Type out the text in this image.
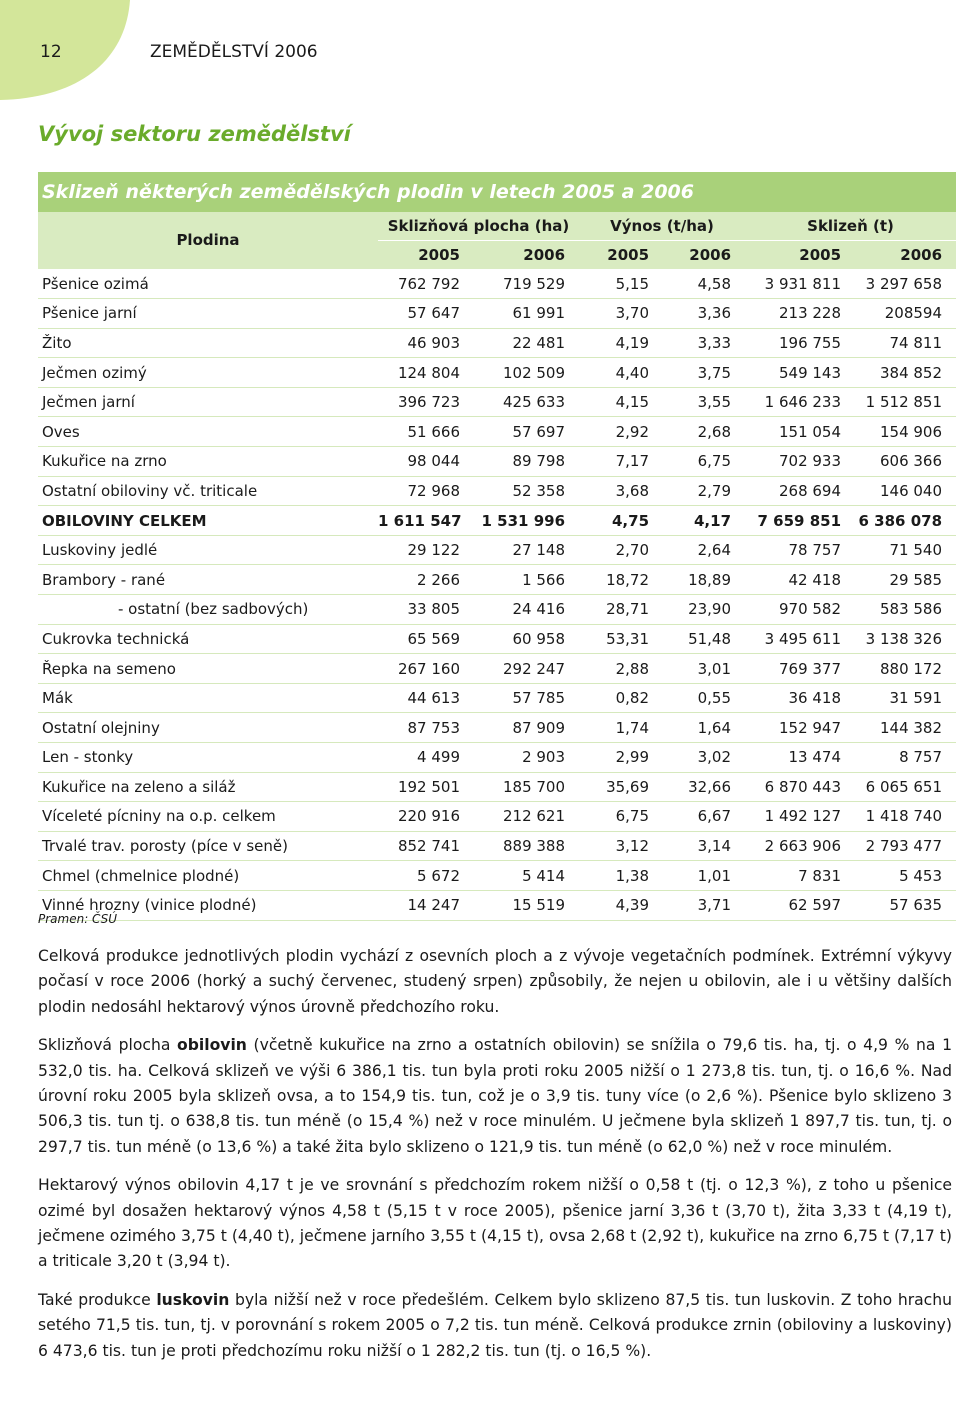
12	ZEMĚDĚLSTVÍ 2006
Vývoj sektoru zemědělství
Sklizeň některých zemědělských plodin v letech 2005 a 2006
Plodina	Sklizňová plocha (ha)		Výnos (t/ha)		Sklizeň (t)	
	2005	2006	2005	2006	2005	2006
Pšenice ozimá	762 792	719 529	5,15	4,58	3 931 811	3 297 658
Pšenice jarní	57 647	61 991	3,70	3,36	213 228	208594
Žito	46 903	22 481	4,19	3,33	196 755	74 811
Ječmen ozimý	124 804	102 509	4,40	3,75	549 143	384 852
Ječmen jarní	396 723	425 633	4,15	3,55	1 646 233	1 512 851
Oves	51 666	57 697	2,92	2,68	151 054	154 906
Kukuřice na zrno	98 044	89 798	7,17	6,75	702 933	606 366
Ostatní obiloviny vč. triticale	72 968	52 358	3,68	2,79	268 694	146 040
OBILOVINY CELKEM	1 611 547	1 531 996	4,75	4,17	7 659 851	6 386 078
Luskoviny jedlé	29 122	27 148	2,70	2,64	78 757	71 540
Brambory - rané	2 266	1 566	18,72	18,89	42 418	29 585
- ostatní (bez sadbových)	33 805	24 416	28,71	23,90	970 582	583 586
Cukrovka technická	65 569	60 958	53,31	51,48	3 495 611	3 138 326
Řepka na semeno	267 160	292 247	2,88	3,01	769 377	880 172
Mák	44 613	57 785	0,82	0,55	36 418	31 591
Ostatní olejniny	87 753	87 909	1,74	1,64	152 947	144 382
Len - stonky	4 499	2 903	2,99	3,02	13 474	8 757
Kukuřice na zeleno a siláž	192 501	185 700	35,69	32,66	6 870 443	6 065 651
Víceleté pícniny na o.p. celkem	220 916	212 621	6,75	6,67	1 492 127	1 418 740
Trvalé trav. porosty (píce v seně)	852 741	889 388	3,12	3,14	2 663 906	2 793 477
Chmel (chmelnice plodné)	5 672	5 414	1,38	1,01	7 831	5 453
Vinné hrozny (vinice plodné)	14 247	15 519	4,39	3,71	62 597	57 635
Pramen: ČSÚ

Celková produkce jednotlivých plodin vychází z osevních ploch a z vývoje vegetačních podmínek. Extrémní výkyvy počasí v roce 2006 (horký a suchý červenec, studený srpen) způsobily, že nejen u obilovin, ale i u většiny dalších plodin nedosáhl hektarový výnos úrovně předchozího roku.

Sklizňová plocha obilovin (včetně kukuřice na zrno a ostatních obilovin) se snížila o 79,6 tis. ha, tj. o 4,9 % na 1 532,0 tis. ha. Celková sklizeň ve výši 6 386,1 tis. tun byla proti roku 2005 nižší o 1 273,8 tis. tun, tj. o 16,6 %. Nad úrovní roku 2005 byla sklizeň ovsa, a to 154,9 tis. tun, což je o 3,9 tis. tuny více (o 2,6 %). Pšenice bylo sklizeno 3 506,3 tis. tun tj. o 638,8 tis. tun méně (o 15,4 %) než v roce minulém. U ječmene byla sklizeň 1 897,7 tis. tun, tj. o 297,7 tis. tun méně (o 13,6 %) a také žita bylo sklizeno o 121,9 tis. tun méně (o 62,0 %) než v roce minulém.

Hektarový výnos obilovin 4,17 t je ve srovnání s předchozím rokem nižší o 0,58 t (tj. o 12,3 %), z toho u pšenice ozimé byl dosažen hektarový výnos 4,58 t (5,15 t v roce 2005), pšenice jarní 3,36 t (3,70 t), žita 3,33 t (4,19 t), ječmene ozimého 3,75 t (4,40 t), ječmene jarního 3,55 t (4,15 t), ovsa 2,68 t (2,92 t), kukuřice na zrno 6,75 t (7,17 t) a triticale 3,20 t (3,94 t).

Také produkce luskovin byla nižší než v roce předešlém. Celkem bylo sklizeno 87,5 tis. tun luskovin. Z toho hrachu setého 71,5 tis. tun, tj. v porovnání s rokem 2005 o 7,2 tis. tun méně. Celková produkce zrnin (obiloviny a luskoviny) 6 473,6 tis. tun je proti předchozímu roku nižší o 1 282,2 tis. tun (tj. o 16,5 %).
